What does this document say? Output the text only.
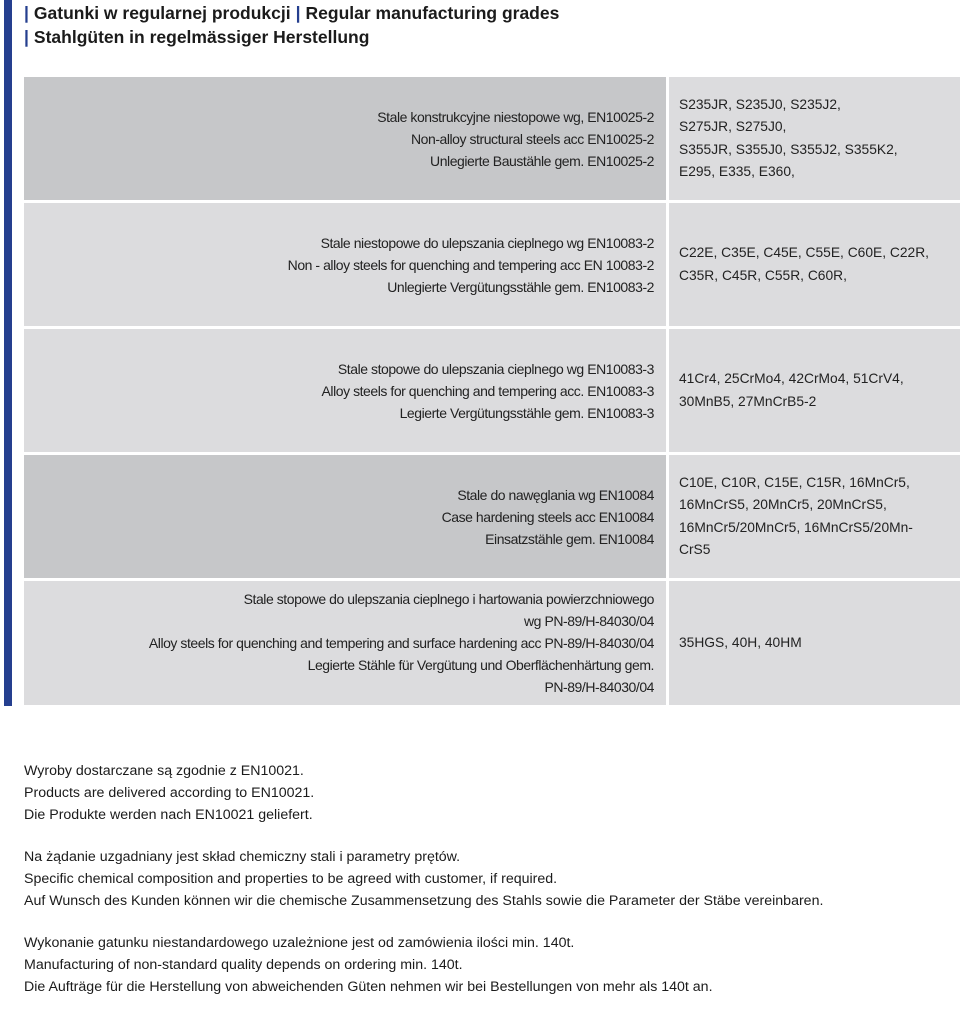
| Gatunki w regularnej produkcji | Regular manufacturing grades
| Stahlgüten in regelmässiger Herstellung
Stale konstrukcyjne niestopowe wg, EN10025-2
Non-alloy structural steels acc EN10025-2
Unlegierte Baustähle gem. EN10025-2
S235JR, S235J0, S235J2,
S275JR, S275J0,
S355JR, S355J0, S355J2, S355K2,
E295, E335, E360,
Stale niestopowe do ulepszania cieplnego wg EN10083-2
Non - alloy steels for quenching and tempering acc EN 10083-2
Unlegierte Vergütungsstähle gem. EN10083-2
C22E, C35E, C45E, C55E, C60E, C22R,
C35R, C45R, C55R, C60R,
Stale stopowe do ulepszania cieplnego wg EN10083-3
Alloy steels for quenching and tempering acc. EN10083-3
Legierte Vergütungsstähle gem. EN10083-3
41Cr4, 25CrMo4, 42CrMo4, 51CrV4,
30MnB5, 27MnCrB5-2
Stale do nawęglania wg EN10084
Case hardening steels acc EN10084
Einsatzstähle gem. EN10084
C10E, C10R, C15E, C15R, 16MnCr5,
16MnCrS5, 20MnCr5, 20MnCrS5,
16MnCr5/20MnCr5, 16MnCrS5/20Mn-
CrS5
Stale stopowe do ulepszania cieplnego i hartowania powierzchniowego
wg PN-89/H-84030/04
Alloy steels for quenching and tempering and surface hardening acc PN-89/H-84030/04
Legierte Stähle für Vergütung und Oberflächenhärtung gem.
PN-89/H-84030/04
35HGS, 40H, 40HM
Wyroby dostarczane są zgodnie z EN10021.
Products are delivered according to EN10021.
Die Produkte werden nach EN10021 geliefert.
Na żądanie uzgadniany jest skład chemiczny stali i parametry prętów.
Specific chemical composition and properties to be agreed with customer, if required.
Auf Wunsch des Kunden können wir die chemische Zusammensetzung des Stahls sowie die Parameter der Stäbe vereinbaren.
Wykonanie gatunku niestandardowego uzależnione jest od zamówienia ilości min. 140t.
Manufacturing of non-standard quality depends on ordering min. 140t.
Die Aufträge für die Herstellung von abweichenden Güten nehmen wir bei Bestellungen von mehr als 140t an.
